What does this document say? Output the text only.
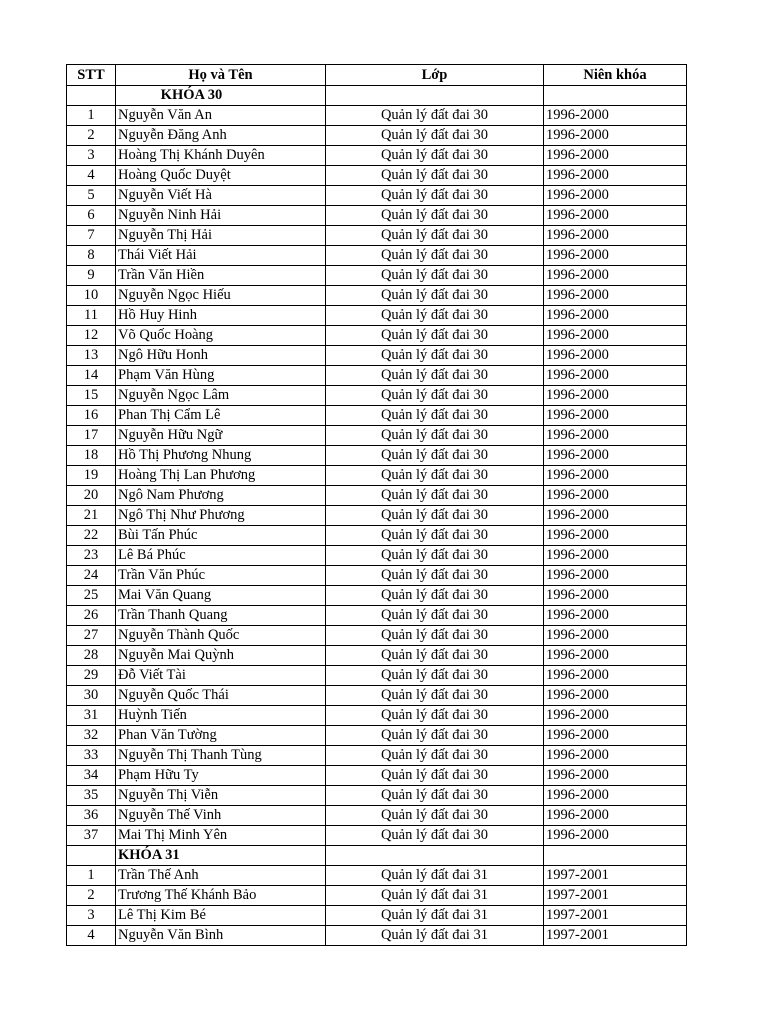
STT	Họ và Tên	Lớp	Niên khóa
	KHÓA 30		
1	Nguyễn Văn An	Quản lý đất đai 30	1996-2000
2	Nguyễn Đăng Anh	Quản lý đất đai 30	1996-2000
3	Hoàng Thị Khánh Duyên	Quản lý đất đai 30	1996-2000
4	Hoàng Quốc Duyệt	Quản lý đất đai 30	1996-2000
5	Nguyễn Viết Hà	Quản lý đất đai 30	1996-2000
6	Nguyễn Ninh Hải	Quản lý đất đai 30	1996-2000
7	Nguyễn Thị Hải	Quản lý đất đai 30	1996-2000
8	Thái Viết Hải	Quản lý đất đai 30	1996-2000
9	Trần Văn Hiền	Quản lý đất đai 30	1996-2000
10	Nguyễn Ngọc Hiếu	Quản lý đất đai 30	1996-2000
11	Hồ Huy Hinh	Quản lý đất đai 30	1996-2000
12	Võ Quốc Hoàng	Quản lý đất đai 30	1996-2000
13	Ngô Hữu Honh	Quản lý đất đai 30	1996-2000
14	Phạm Văn Hùng	Quản lý đất đai 30	1996-2000
15	Nguyễn Ngọc Lâm	Quản lý đất đai 30	1996-2000
16	Phan Thị Cẩm Lê	Quản lý đất đai 30	1996-2000
17	Nguyễn Hữu Ngữ	Quản lý đất đai 30	1996-2000
18	Hồ Thị Phương Nhung	Quản lý đất đai 30	1996-2000
19	Hoàng Thị Lan Phương	Quản lý đất đai 30	1996-2000
20	Ngô Nam Phương	Quản lý đất đai 30	1996-2000
21	Ngô Thị Như Phương	Quản lý đất đai 30	1996-2000
22	Bùi Tấn Phúc	Quản lý đất đai 30	1996-2000
23	Lê Bá Phúc	Quản lý đất đai 30	1996-2000
24	Trần Văn Phúc	Quản lý đất đai 30	1996-2000
25	Mai Văn Quang	Quản lý đất đai 30	1996-2000
26	Trần Thanh Quang	Quản lý đất đai 30	1996-2000
27	Nguyễn Thành Quốc	Quản lý đất đai 30	1996-2000
28	Nguyễn Mai Quỳnh	Quản lý đất đai 30	1996-2000
29	Đỗ Viết Tài	Quản lý đất đai 30	1996-2000
30	Nguyễn Quốc Thái	Quản lý đất đai 30	1996-2000
31	Huỳnh Tiến	Quản lý đất đai 30	1996-2000
32	Phan Văn Tường	Quản lý đất đai 30	1996-2000
33	Nguyễn Thị Thanh Tùng	Quản lý đất đai 30	1996-2000
34	Phạm Hữu Ty	Quản lý đất đai 30	1996-2000
35	Nguyễn Thị Viễn	Quản lý đất đai 30	1996-2000
36	Nguyễn Thế Vinh	Quản lý đất đai 30	1996-2000
37	Mai Thị Minh Yên	Quản lý đất đai 30	1996-2000
	KHÓA 31		
1	Trần Thế Anh	Quản lý đất đai 31	1997-2001
2	Trương Thế Khánh Bảo	Quản lý đất đai 31	1997-2001
3	Lê Thị Kim Bé	Quản lý đất đai 31	1997-2001
4	Nguyễn Văn Bình	Quản lý đất đai 31	1997-2001
